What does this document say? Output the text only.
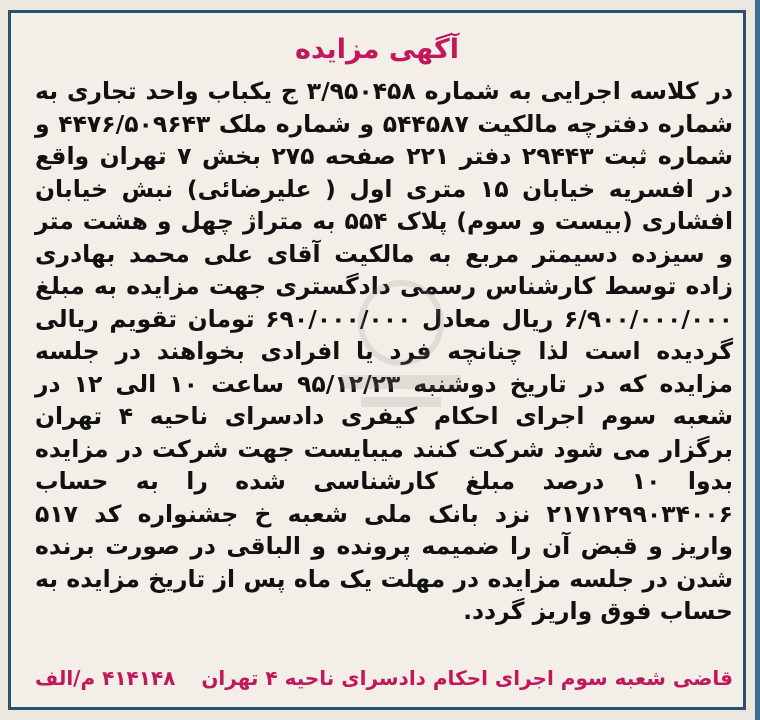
آگهی مزایده
در کلاسه اجرایی به شماره ۳/۹۵۰۴۵۸ ج یکباب واحد تجاری به شماره دفترچه مالکیت ۵۴۴۵۸۷ و شماره ملک ۴۴۷۶/۵۰۹۶۴۳ و شماره ثبت ۲۹۴۴۳ دفتر ۲۲۱ صفحه ۲۷۵ بخش ۷ تهران واقع در افسریه خیابان ۱۵ متری اول ( علیرضائی) نبش خیابان افشاری (بیست و سوم) پلاک ۵۵۴ به متراژ چهل و هشت متر و سیزده دسیمتر مربع به مالکیت آقای علی محمد بهادری زاده توسط کارشناس رسمی دادگستری جهت مزایده به مبلغ ۶/۹۰۰/۰۰۰/۰۰۰ ریال معادل ۶۹۰/۰۰۰/۰۰۰ تومان تقویم ریالی گردیده است لذا چنانچه فرد یا افرادی بخواهند در جلسه مزایده که در تاریخ دوشنبه ۹۵/۱۲/۲۳ ساعت ۱۰ الی ۱۲ در شعبه سوم اجرای احکام کیفری دادسرای ناحیه ۴ تهران برگزار می شود شرکت کنند میبایست جهت شرکت در مزایده بدوا ۱۰ درصد مبلغ کارشناسی شده را به حساب ۲۱۷۱۲۹۹۰۳۴۰۰۶ نزد بانک ملی شعبه خ جشنواره کد ۵۱۷ واریز و قبض آن را ضمیمه پرونده و الباقی در صورت برنده شدن در جلسه مزایده در مهلت یک ماه پس از تاریخ مزایده به حساب فوق واریز گردد.
قاضی شعبه سوم اجرای احکام دادسرای ناحیه ۴ تهران
۴۱۴۱۴۸ م/الف
